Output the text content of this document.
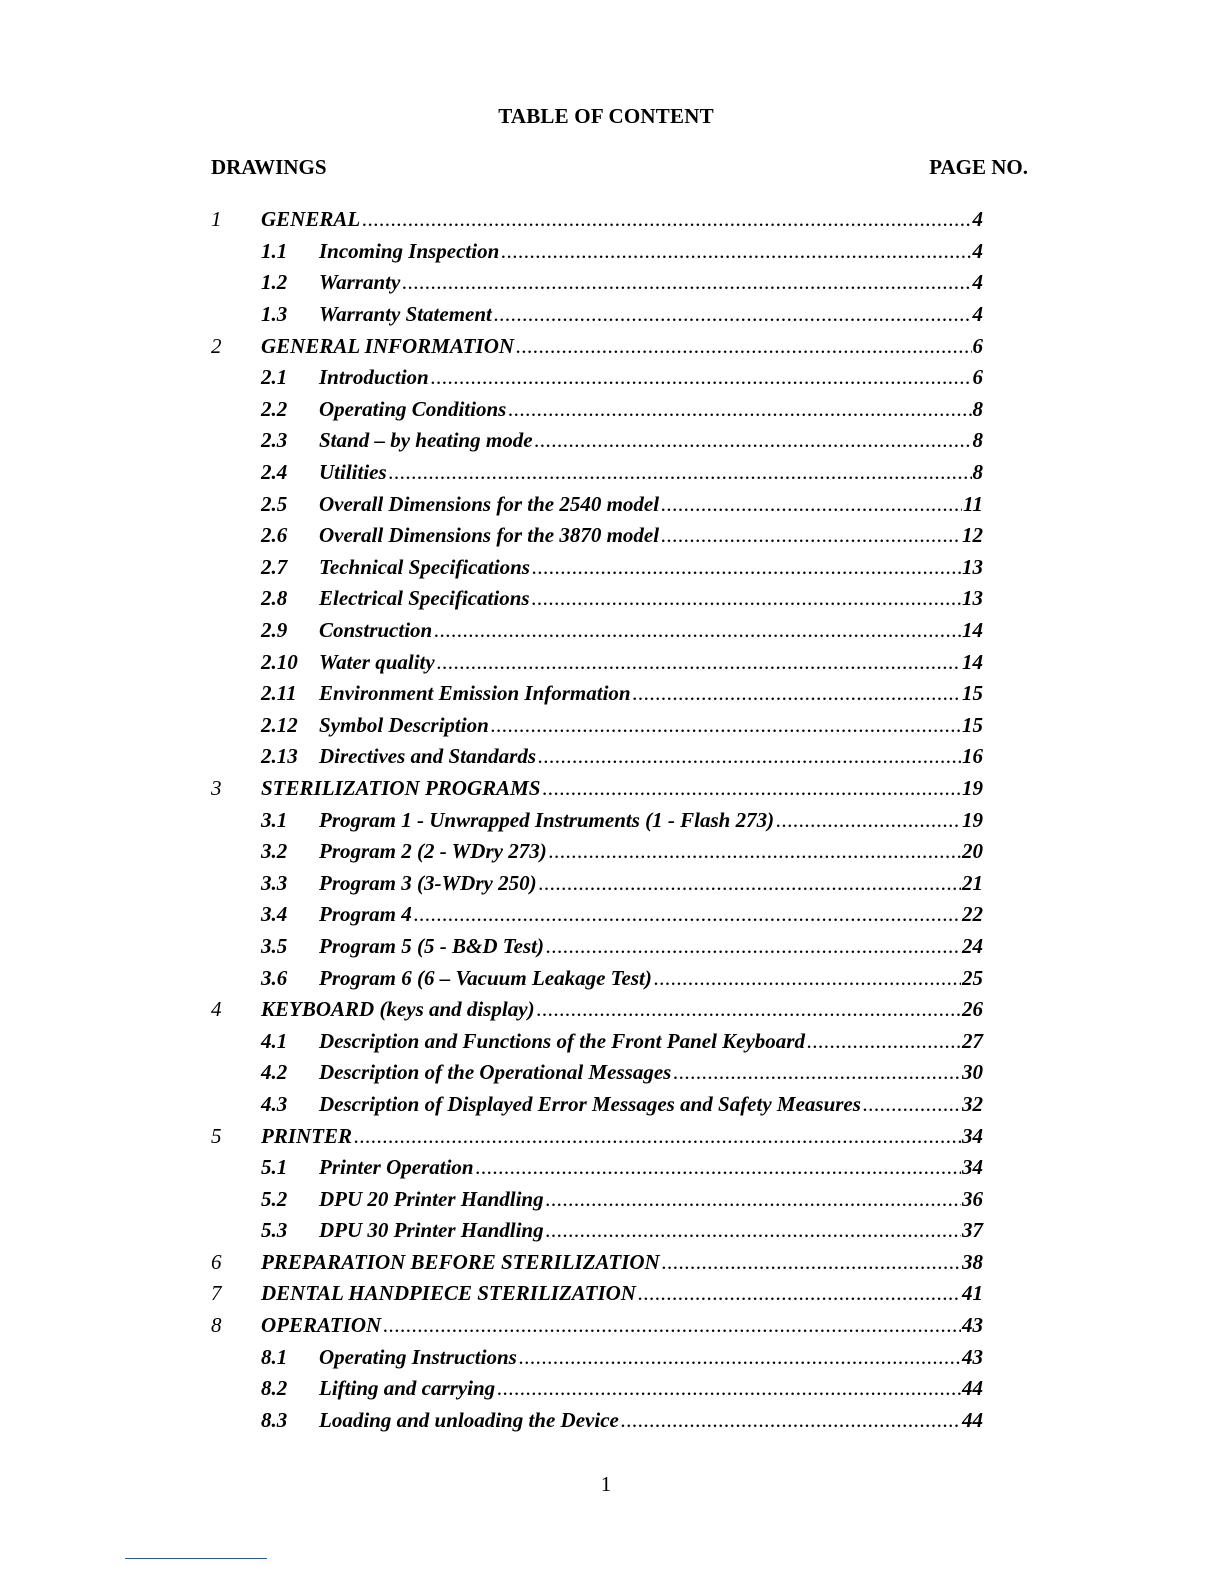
TABLE OF CONTENT
DRAWINGS	PAGE NO.
1 GENERAL .....	4
1.1 Incoming Inspection .....	4
1.2 Warranty .....	4
1.3 Warranty Statement .....	4
2 GENERAL INFORMATION .....	6
2.1 Introduction .....	6
2.2 Operating Conditions .....	8
2.3 Stand – by heating mode .....	8
2.4 Utilities .....	8
2.5 Overall Dimensions for the 2540 model .....	11
2.6 Overall Dimensions for the 3870 model .....	12
2.7 Technical Specifications .....	13
2.8 Electrical Specifications .....	13
2.9 Construction .....	14
2.10 Water quality .....	14
2.11 Environment Emission Information .....	15
2.12 Symbol Description .....	15
2.13 Directives and Standards .....	16
3 STERILIZATION PROGRAMS .....	19
3.1 Program 1 - Unwrapped Instruments (1 - Flash 273) .....	19
3.2 Program 2 (2 - WDry 273) .....	20
3.3 Program 3 (3-WDry 250) .....	21
3.4 Program 4 .....	22
3.5 Program 5 (5 - B&D Test) .....	24
3.6 Program 6 (6 – Vacuum Leakage Test) .....	25
4 KEYBOARD (keys and display) .....	26
4.1 Description and Functions of the Front Panel Keyboard .....	27
4.2 Description of the Operational Messages .....	30
4.3 Description of Displayed Error Messages and Safety Measures .....	32
5 PRINTER .....	34
5.1 Printer Operation .....	34
5.2 DPU 20 Printer Handling .....	36
5.3 DPU 30 Printer Handling .....	37
6 PREPARATION BEFORE STERILIZATION .....	38
7 DENTAL HANDPIECE STERILIZATION .....	41
8 OPERATION .....	43
8.1 Operating Instructions .....	43
8.2 Lifting and carrying .....	44
8.3 Loading and unloading the Device .....	44
1
